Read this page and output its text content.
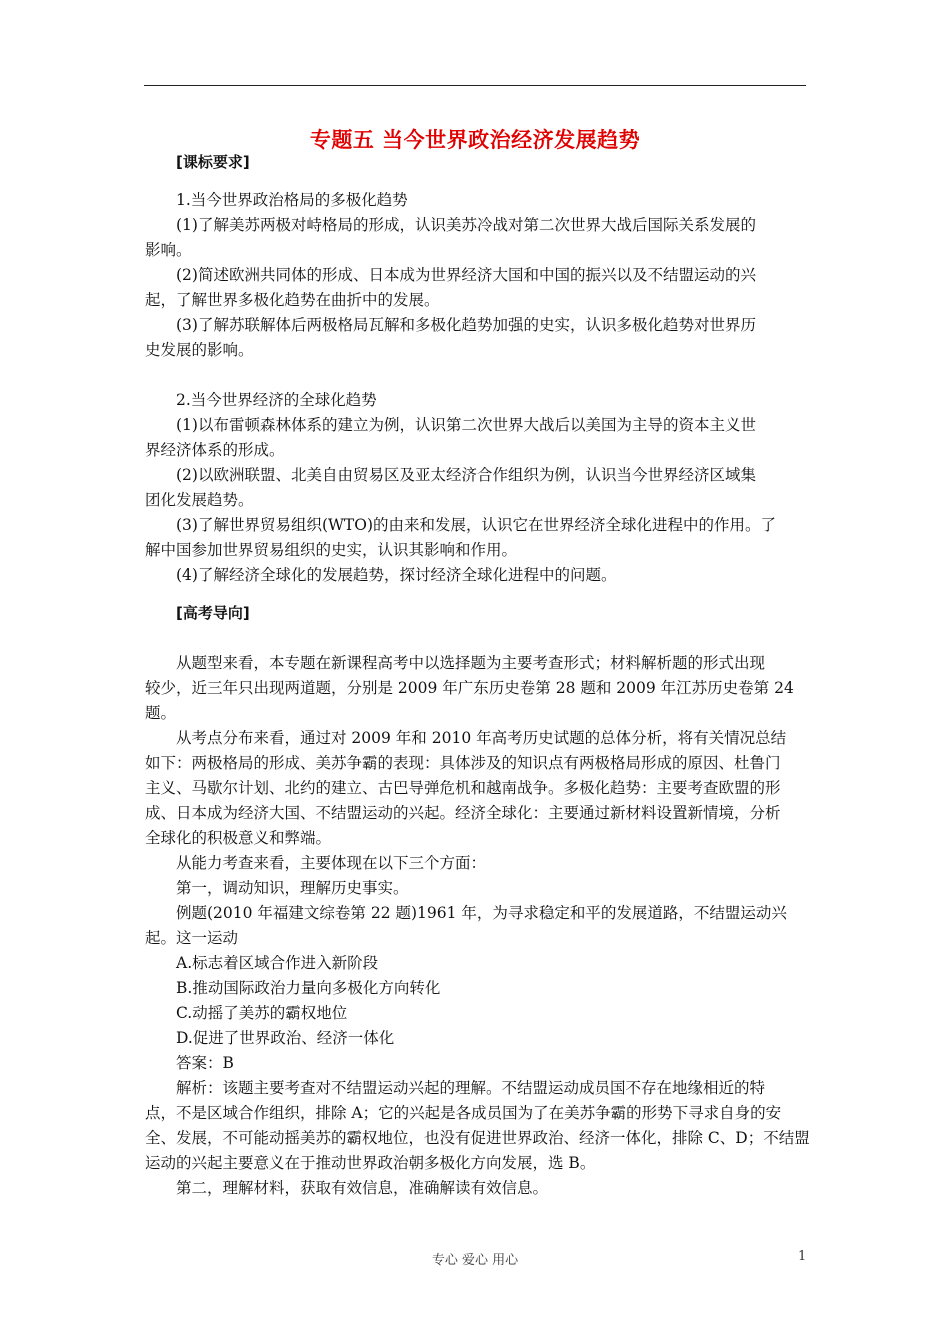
专题五 当今世界政治经济发展趋势
[课标要求]
1.当今世界政治格局的多极化趋势
(1)了解美苏两极对峙格局的形成，认识美苏冷战对第二次世界大战后国际关系发展的
影响。
(2)简述欧洲共同体的形成、日本成为世界经济大国和中国的振兴以及不结盟运动的兴
起，了解世界多极化趋势在曲折中的发展。
(3)了解苏联解体后两极格局瓦解和多极化趋势加强的史实，认识多极化趋势对世界历
史发展的影响。
2.当今世界经济的全球化趋势
(1)以布雷顿森林体系的建立为例，认识第二次世界大战后以美国为主导的资本主义世
界经济体系的形成。
(2)以欧洲联盟、北美自由贸易区及亚太经济合作组织为例，认识当今世界经济区域集
团化发展趋势。
(3)了解世界贸易组织(WTO)的由来和发展，认识它在世界经济全球化进程中的作用。了
解中国参加世界贸易组织的史实，认识其影响和作用。
(4)了解经济全球化的发展趋势，探讨经济全球化进程中的问题。
[高考导向]
从题型来看，本专题在新课程高考中以选择题为主要考查形式；材料解析题的形式出现
较少，近三年只出现两道题，分别是 2009 年广东历史卷第 28 题和 2009 年江苏历史卷第 24
题。
从考点分布来看，通过对 2009 年和 2010 年高考历史试题的总体分析，将有关情况总结
如下：两极格局的形成、美苏争霸的表现：具体涉及的知识点有两极格局形成的原因、杜鲁门
主义、马歇尔计划、北约的建立、古巴导弹危机和越南战争。多极化趋势：主要考查欧盟的形
成、日本成为经济大国、不结盟运动的兴起。经济全球化：主要通过新材料设置新情境，分析
全球化的积极意义和弊端。
从能力考查来看，主要体现在以下三个方面：
第一，调动知识，理解历史事实。
例题(2010 年福建文综卷第 22 题)1961 年，为寻求稳定和平的发展道路，不结盟运动兴
起。这一运动
A.标志着区域合作进入新阶段
B.推动国际政治力量向多极化方向转化
C.动摇了美苏的霸权地位
D.促进了世界政治、经济一体化
答案：B
解析：该题主要考查对不结盟运动兴起的理解。不结盟运动成员国不存在地缘相近的特
点，不是区域合作组织，排除 A；它的兴起是各成员国为了在美苏争霸的形势下寻求自身的安
全、发展，不可能动摇美苏的霸权地位，也没有促进世界政治、经济一体化，排除 C、D；不结盟
运动的兴起主要意义在于推动世界政治朝多极化方向发展，选 B。
第二，理解材料，获取有效信息，准确解读有效信息。
专心 爱心 用心	1
